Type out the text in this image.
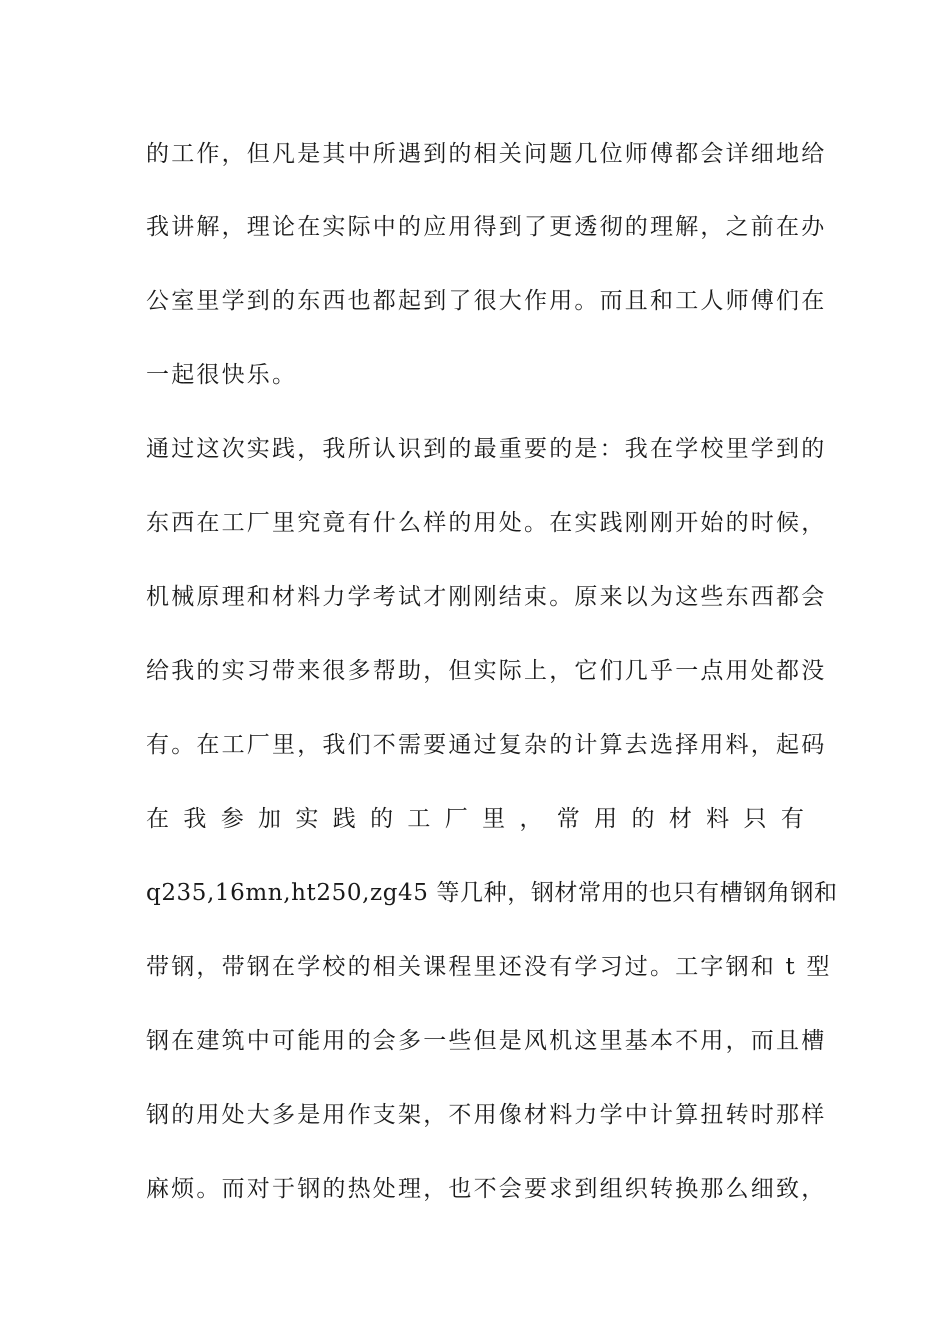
的工作，但凡是其中所遇到的相关问题几位师傅都会详细地给
我讲解，理论在实际中的应用得到了更透彻的理解，之前在办
公室里学到的东西也都起到了很大作用。而且和工人师傅们在
一起很快乐。
通过这次实践，我所认识到的最重要的是：我在学校里学到的
东西在工厂里究竟有什么样的用处。在实践刚刚开始的时候，
机械原理和材料力学考试才刚刚结束。原来以为这些东西都会
给我的实习带来很多帮助，但实际上，它们几乎一点用处都没
有。在工厂里，我们不需要通过复杂的计算去选择用料，起码
在 我 参 加 实 践 的 工 厂 里 ， 常 用 的 材 料 只 有
q235,16mn,ht250,zg45 等几种，钢材常用的也只有槽钢角钢和
带钢，带钢在学校的相关课程里还没有学习过。工字钢和 t 型
钢在建筑中可能用的会多一些但是风机这里基本不用，而且槽
钢的用处大多是用作支架，不用像材料力学中计算扭转时那样
麻烦。而对于钢的热处理，也不会要求到组织转换那么细致，
